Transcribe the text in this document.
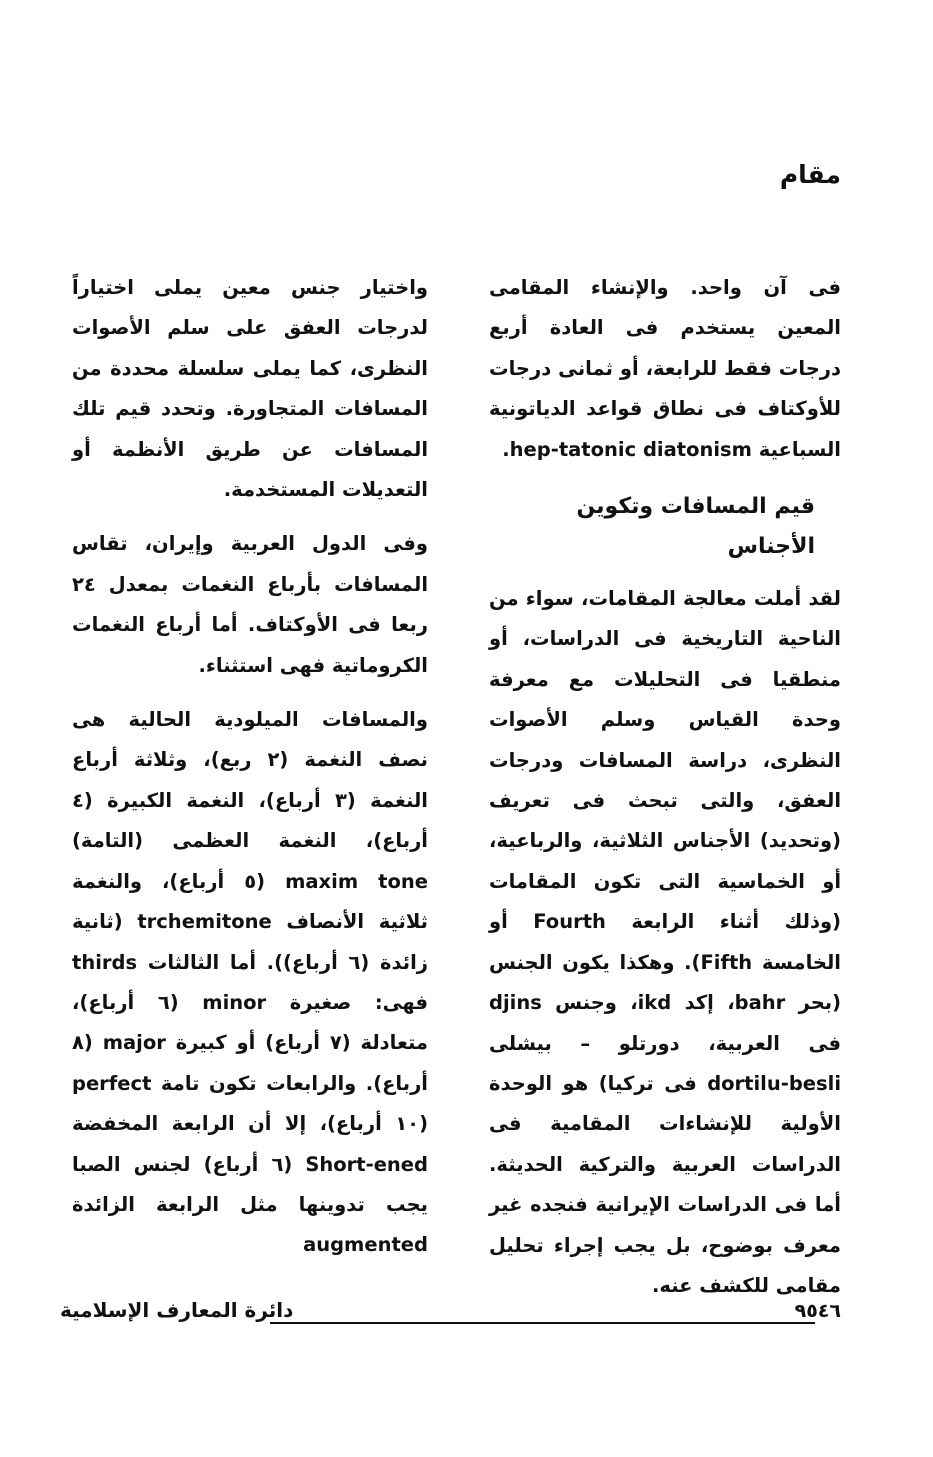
مقام

فى آن واحد. والإنشاء المقامى المعين يستخدم فى العادة أربع درجات فقط للرابعة، أو ثمانى درجات للأوكتاف فى نطاق قواعد الدياتونية السباعية hep-tatonic diatonism.

قيم المسافات وتكوين الأجناس

لقد أملت معالجة المقامات، سواء من الناحية التاريخية فى الدراسات، أو منطقيا فى التحليلات مع معرفة وحدة القياس وسلم الأصوات النظرى، دراسة المسافات ودرجات العفق، والتى تبحث فى تعريف (وتحديد) الأجناس الثلاثية، والرباعية، أو الخماسية التى تكون المقامات (وذلك أثناء الرابعة Fourth أو الخامسة Fifth). وهكذا يكون الجنس (بحر bahr، إكد ikd، وجنس djins فى العربية، دورتلو – بيشلى dortilu-besli فى تركيا) هو الوحدة الأولية للإنشاءات المقامية فى الدراسات العربية والتركية الحديثة. أما فى الدراسات الإيرانية فنجده غير معرف بوضوح، بل يجب إجراء تحليل مقامى للكشف عنه.

واختيار جنس معين يملى اختياراً لدرجات العفق على سلم الأصوات النظرى، كما يملى سلسلة محددة من المسافات المتجاورة. وتحدد قيم تلك المسافات عن طريق الأنظمة أو التعديلات المستخدمة.

وفى الدول العربية وإيران، تقاس المسافات بأرباع النغمات بمعدل ٢٤ ربعا فى الأوكتاف. أما أرباع النغمات الكروماتية فهى استثناء.

والمسافات الميلودية الحالية هى نصف النغمة (٢ ربع)، وثلاثة أرباع النغمة (٣ أرباع)، النغمة الكبيرة (٤ أرباع)، النغمة العظمى (التامة) maxim tone (٥ أرباع)، والنغمة ثلاثية الأنصاف trchemitone (ثانية زائدة (٦ أرباع)). أما الثالثات thirds فهى: صغيرة minor (٦ أرباع)، متعادلة (٧ أرباع) أو كبيرة major (٨ أرباع). والرابعات تكون تامة perfect (١٠ أرباع)، إلا أن الرابعة المخفضة Short-ened (٦ أرباع) لجنس الصبا يجب تدوينها مثل الرابعة الزائدة augmented

دائرة المعارف الإسلامية	٩٥٤٦
